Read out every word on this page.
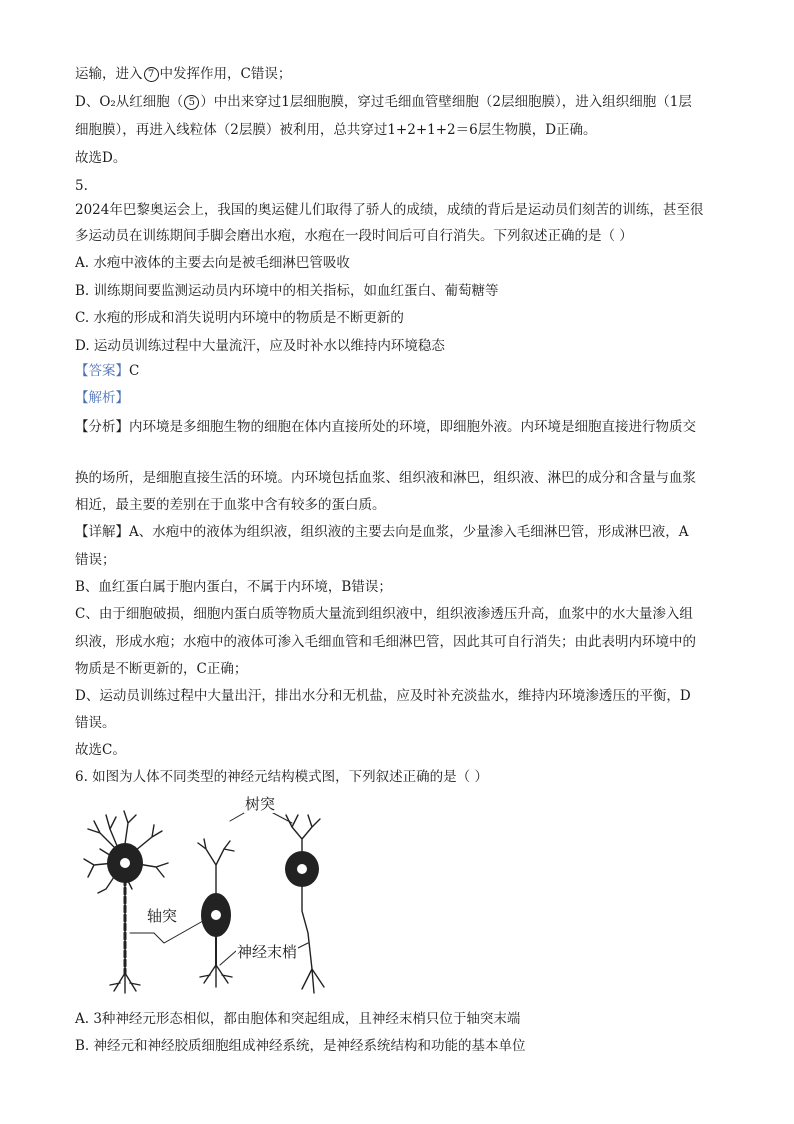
运输，进入 7 中发挥作用，C错误；
D、O₂从红细胞（ 5 ）中出来穿过1层细胞膜，穿过毛细血管壁细胞（2层细胞膜），进入组织细胞（1层
细胞膜），再进入线粒体（2层膜）被利用，总共穿过1+2+1+2＝6层生物膜，D正确。
故选D。
5.
2024年巴黎奥运会上，我国的奥运健儿们取得了骄人的成绩，成绩的背后是运动员们刻苦的训练，甚至很
多运动员在训练期间手脚会磨出水疱，水疱在一段时间后可自行消失。下列叙述正确的是（ ）
A. 水疱中液体的主要去向是被毛细淋巴管吸收
B. 训练期间要监测运动员内环境中的相关指标，如血红蛋白、葡萄糖等
C. 水疱的形成和消失说明内环境中的物质是不断更新的
D. 运动员训练过程中大量流汗，应及时补水以维持内环境稳态
【答案】C
【解析】
【分析】内环境是多细胞生物的细胞在体内直接所处的环境，即细胞外液。内环境是细胞直接进行物质交
换的场所，是细胞直接生活的环境。内环境包括血浆、组织液和淋巴，组织液、淋巴的成分和含量与血浆
相近，最主要的差别在于血浆中含有较多的蛋白质。
【详解】A、水疱中的液体为组织液，组织液的主要去向是血浆，少量渗入毛细淋巴管，形成淋巴液，A
错误；
B、血红蛋白属于胞内蛋白，不属于内环境，B错误；
C、由于细胞破损，细胞内蛋白质等物质大量流到组织液中，组织液渗透压升高，血浆中的水大量渗入组
织液，形成水疱；水疱中的液体可渗入毛细血管和毛细淋巴管，因此其可自行消失；由此表明内环境中的
物质是不断更新的，C正确；
D、运动员训练过程中大量出汗，排出水分和无机盐，应及时补充淡盐水，维持内环境渗透压的平衡，D
错误。
故选C。
6. 如图为人体不同类型的神经元结构模式图，下列叙述正确的是（ ）
树突
轴突
神经末梢
A. 3种神经元形态相似，都由胞体和突起组成，且神经末梢只位于轴突末端
B. 神经元和神经胶质细胞组成神经系统，是神经系统结构和功能的基本单位
